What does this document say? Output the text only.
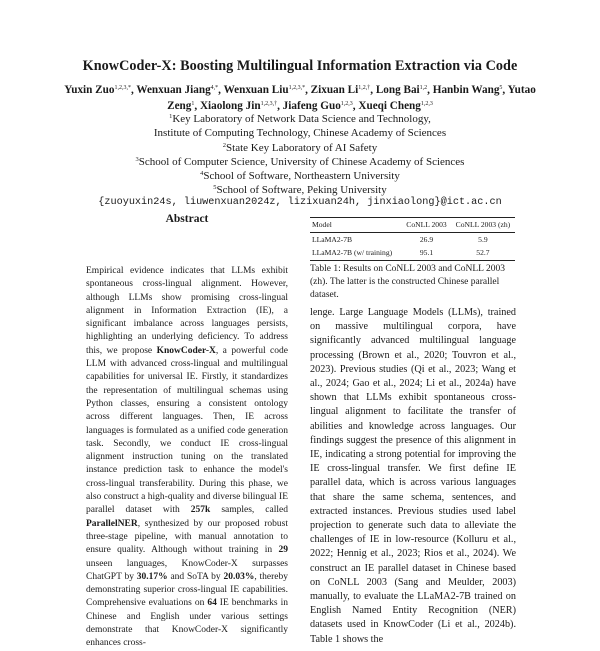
KnowCoder-X: Boosting Multilingual Information Extraction via Code
Yuxin Zuo$^{1,2,3,*}$, Wenxuan Jiang$^{4,*}$, Wenxuan Liu$^{1,2,3,*}$, Zixuan $Li^{1,2,\dagger}$, Long Bai$^{1,2}$, Hanbin Wang$^5$, Yutao Zeng$^1$, Xiaolong Jin$^{1,2,3,\dagger}$, Jiafeng Guo$^{1,2,3}$, Xueqi Cheng$^{1,2,3}$
$^1$Key Laboratory of Network Data Science and Technology,
Institute of Computing Technology, Chinese Academy of Sciences
$^2$State Key Laboratory of AI Safety
$^3$School of Computer Science, University of Chinese Academy of Sciences
$^4$School of Software, Northeastern University
$^5$School of Software, Peking University
{zuoyuxin24s, liuwenxuan2024z, lizixuan24h, jinxiaolong}@ict.ac.cn
Abstract
Empirical evidence indicates that LLMs exhibit spontaneous cross-lingual alignment. However, although LLMs show promising cross-lingual alignment in Information Extraction (IE), a significant imbalance across languages persists, highlighting an underlying deficiency. To address this, we propose KnowCoder-X, a powerful code LLM with advanced cross-lingual and multilingual capabilities for universal IE. Firstly, it standardizes the representation of multilingual schemas using Python classes, ensuring a consistent ontology across different languages. Then, IE across languages is formulated as a unified code generation task. Secondly, we conduct IE cross-lingual alignment instruction tuning on the translated instance prediction task to enhance the model's cross-lingual transferability. During this phase, we also construct a high-quality and diverse bilingual IE parallel dataset with 257k samples, called ParallelNER, synthesized by our proposed robust three-stage pipeline, with manual annotation to ensure quality. Although without training in 29 unseen languages, KnowCoder-X surpasses ChatGPT by 30.17% and SoTA by 20.03%, thereby demonstrating superior cross-lingual IE capabilities. Comprehensive evaluations on 64 IE benchmarks in Chinese and English under various settings demonstrate that KnowCoder-X significantly enhances cross-
Model	CoNLL 2003	CoNLL 2003 (zh)
LLaMA2-7B	26.9	5.9
LLaMA2-7B (w/ training)	95.1	52.7
Table 1: Results on CoNLL 2003 and CoNLL 2003 (zh). The latter is the constructed Chinese parallel dataset.
lenge. Large Language Models (LLMs), trained on massive multilingual corpora, have significantly advanced multilingual language processing (Brown et al., 2020; Touvron et al., 2023). Previous studies (Qi et al., 2023; Wang et al., 2024; Gao et al., 2024; Li et al., 2024a) have shown that LLMs exhibit spontaneous cross-lingual alignment to facilitate the transfer of abilities and knowledge across languages. Our findings suggest the presence of this alignment in IE, indicating a strong potential for improving the IE cross-lingual transfer. We first define IE parallel data, which is across various languages that share the same schema, sentences, and extracted instances. Previous studies used label projection to generate such data to alleviate the challenges of IE in low-resource (Kolluru et al., 2022; Hennig et al., 2023; Rios et al., 2024). We construct an IE parallel dataset in Chinese based on CoNLL 2003 (Sang and Meulder, 2003) manually, to evaluate the LLaMA2-7B trained on English Named Entity Recognition (NER) datasets used in KnowCoder (Li et al., 2024b). Table 1 shows the
